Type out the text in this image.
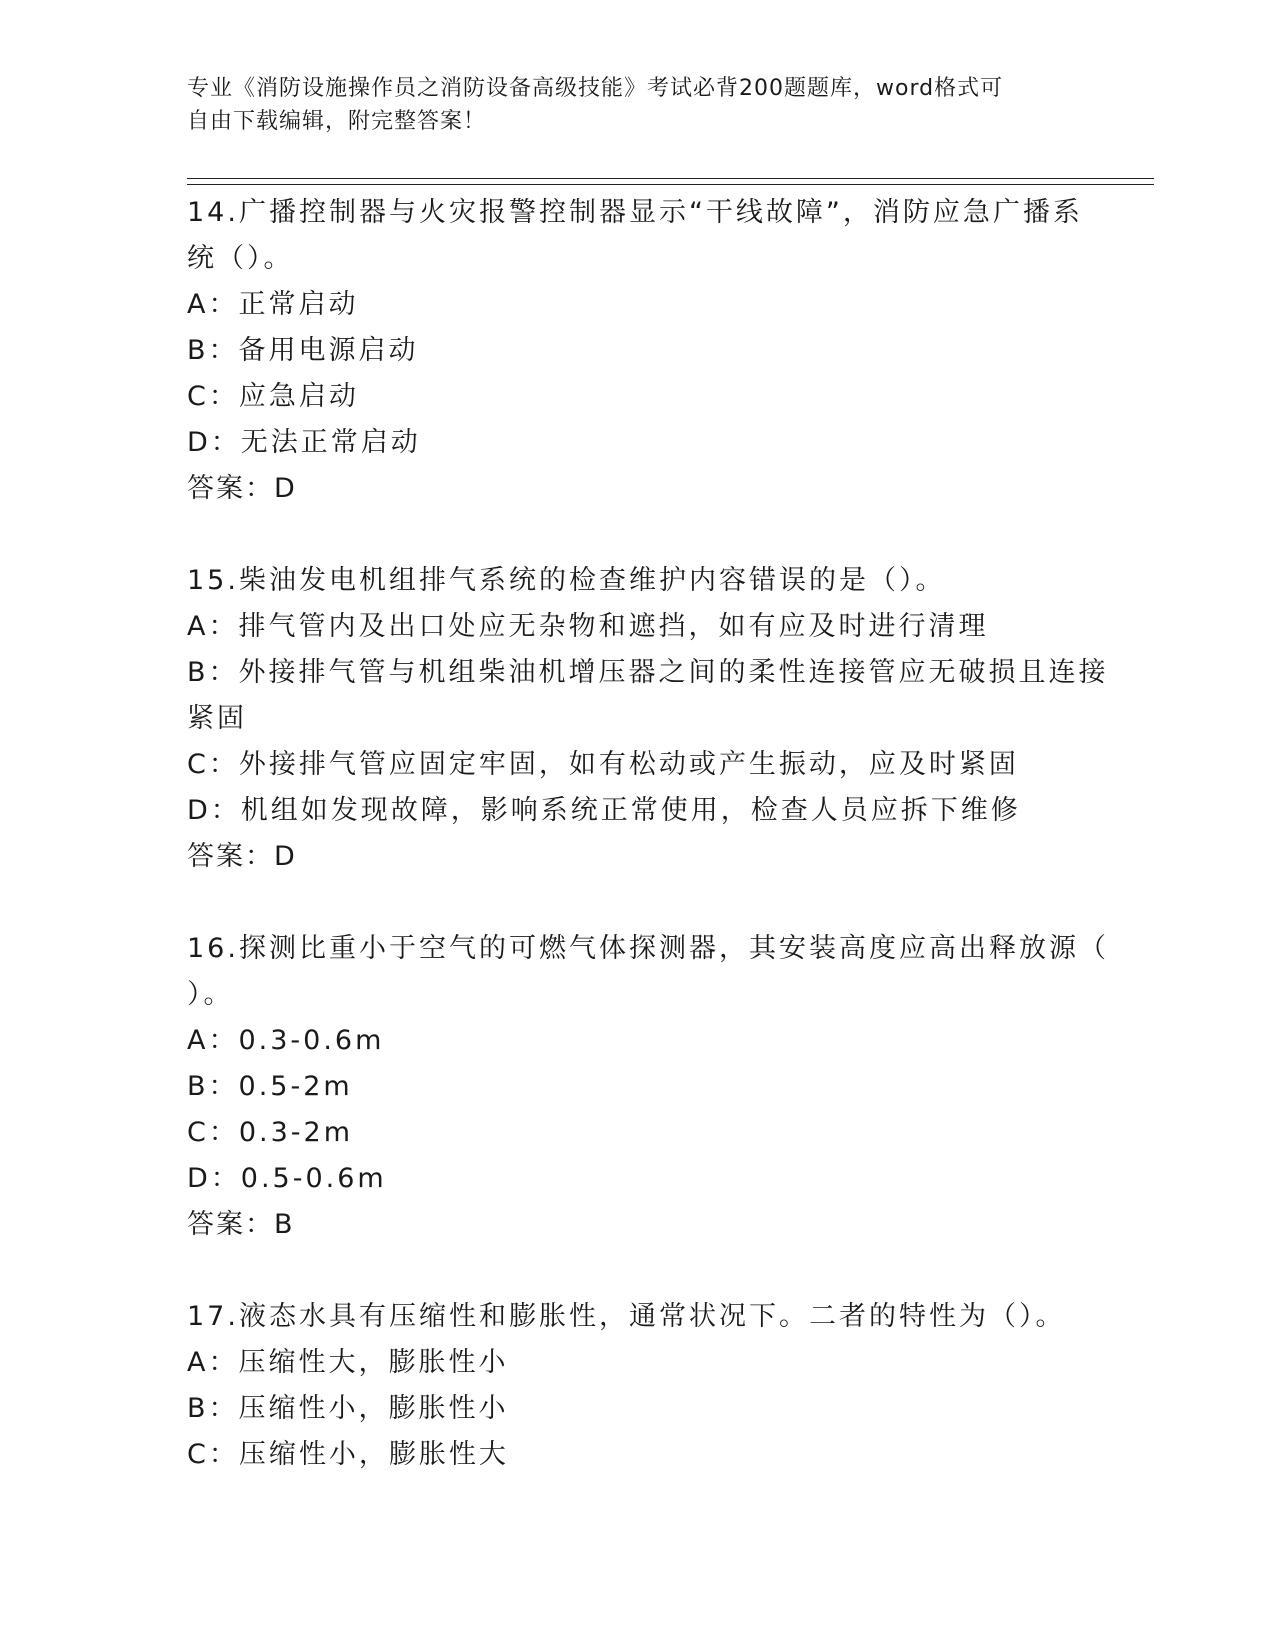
专业《消防设施操作员之消防设备高级技能》考试必背200题题库，word格式可
自由下载编辑，附完整答案！
14.广播控制器与火灾报警控制器显示“干线故障”，消防应急广播系
统（）。
A：正常启动
B：备用电源启动
C：应急启动
D：无法正常启动
答案：D
15.柴油发电机组排气系统的检查维护内容错误的是（）。
A：排气管内及出口处应无杂物和遮挡，如有应及时进行清理
B：外接排气管与机组柴油机增压器之间的柔性连接管应无破损且连接
紧固
C：外接排气管应固定牢固，如有松动或产生振动，应及时紧固
D：机组如发现故障，影响系统正常使用，检查人员应拆下维修
答案：D
16.探测比重小于空气的可燃气体探测器，其安装高度应高出释放源（
）。
A：0.3-0.6m
B：0.5-2m
C：0.3-2m
D：0.5-0.6m
答案：B
17.液态水具有压缩性和膨胀性，通常状况下。二者的特性为（）。
A：压缩性大，膨胀性小
B：压缩性小，膨胀性小
C：压缩性小，膨胀性大
